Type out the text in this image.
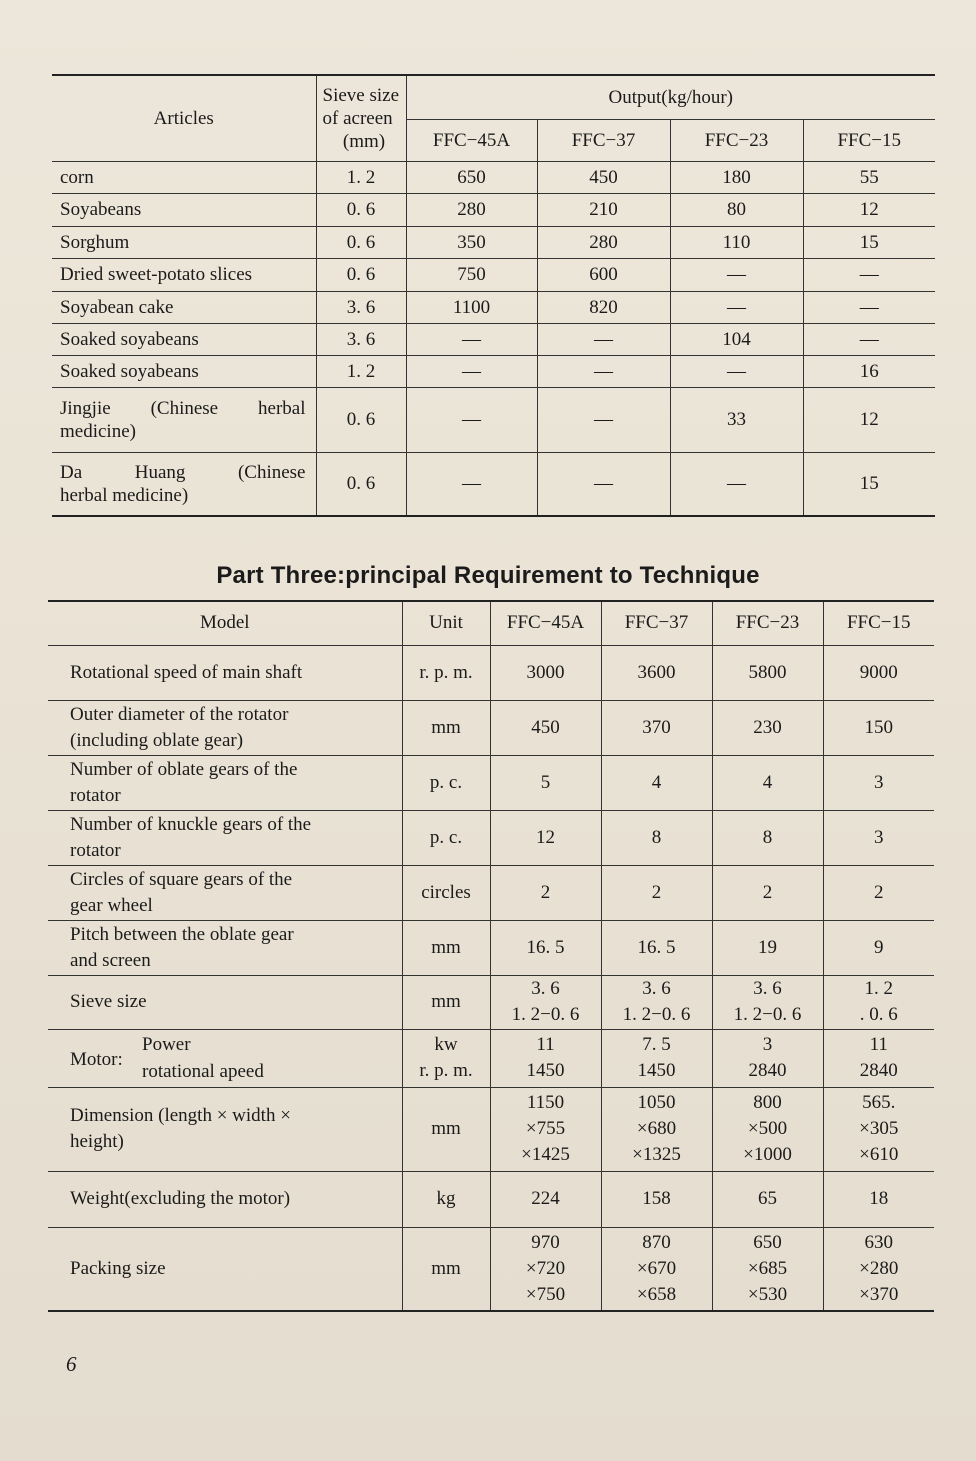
Articles	Sieve size
of acreen
(mm)	Output(kg/hour)			
		FFC−45A	FFC−37	FFC−23	FFC−15
corn	1. 2	650	450	180	55
Soyabeans	0. 6	280	210	80	12
Sorghum	0. 6	350	280	110	15
Dried sweet-potato slices	0. 6	750	600	—	—
Soyabean cake	3. 6	1100	820	—	—
Soaked soyabeans	3. 6	—	—	104	—
Soaked soyabeans	1. 2	—	—	—	16

Jingjie (Chinese herbal
medicine)	0. 6	—	—	33	12

Da Huang (Chinese
herbal medicine)	0. 6	—	—	—	15
Part Three:principal Requirement to Technique
Model	Unit	FFC−45A	FFC−37	FFC−23	FFC−15
Rotational speed of main shaft	r. p. m.	3000	3600	5800	9000

Outer diameter of the rotator
(including oblate gear)	mm	450	370	230	150

Number of oblate gears of the
rotator	p. c.	5	4	4	3

Number of knuckle gears of the
rotator	p. c.	12	8	8	3

Circles of square gears of the
gear wheel	circles	2	2	2	2

Pitch between the oblate gear
and screen	mm	16. 5	16. 5	19	9
Sieve size	mm	3. 6
1. 2−0. 6	3. 6
1. 2−0. 6	3. 6
1. 2−0. 6	1. 2
. 0. 6

Motor:
Power
rotational apeed	kw
r. p. m.	11
1450	7. 5
1450	3
2840	11
2840

Dimension (length × width ×
height)	mm	1150
×755
×1425	1050
×680
×1325	800
×500
×1000	565.
×305
×610

Weight(excluding the motor)	kg	224	158	65	18
Packing size	mm	970
×720
×750	870
×670
×658	650
×685
×530	630
×280
×370
6
